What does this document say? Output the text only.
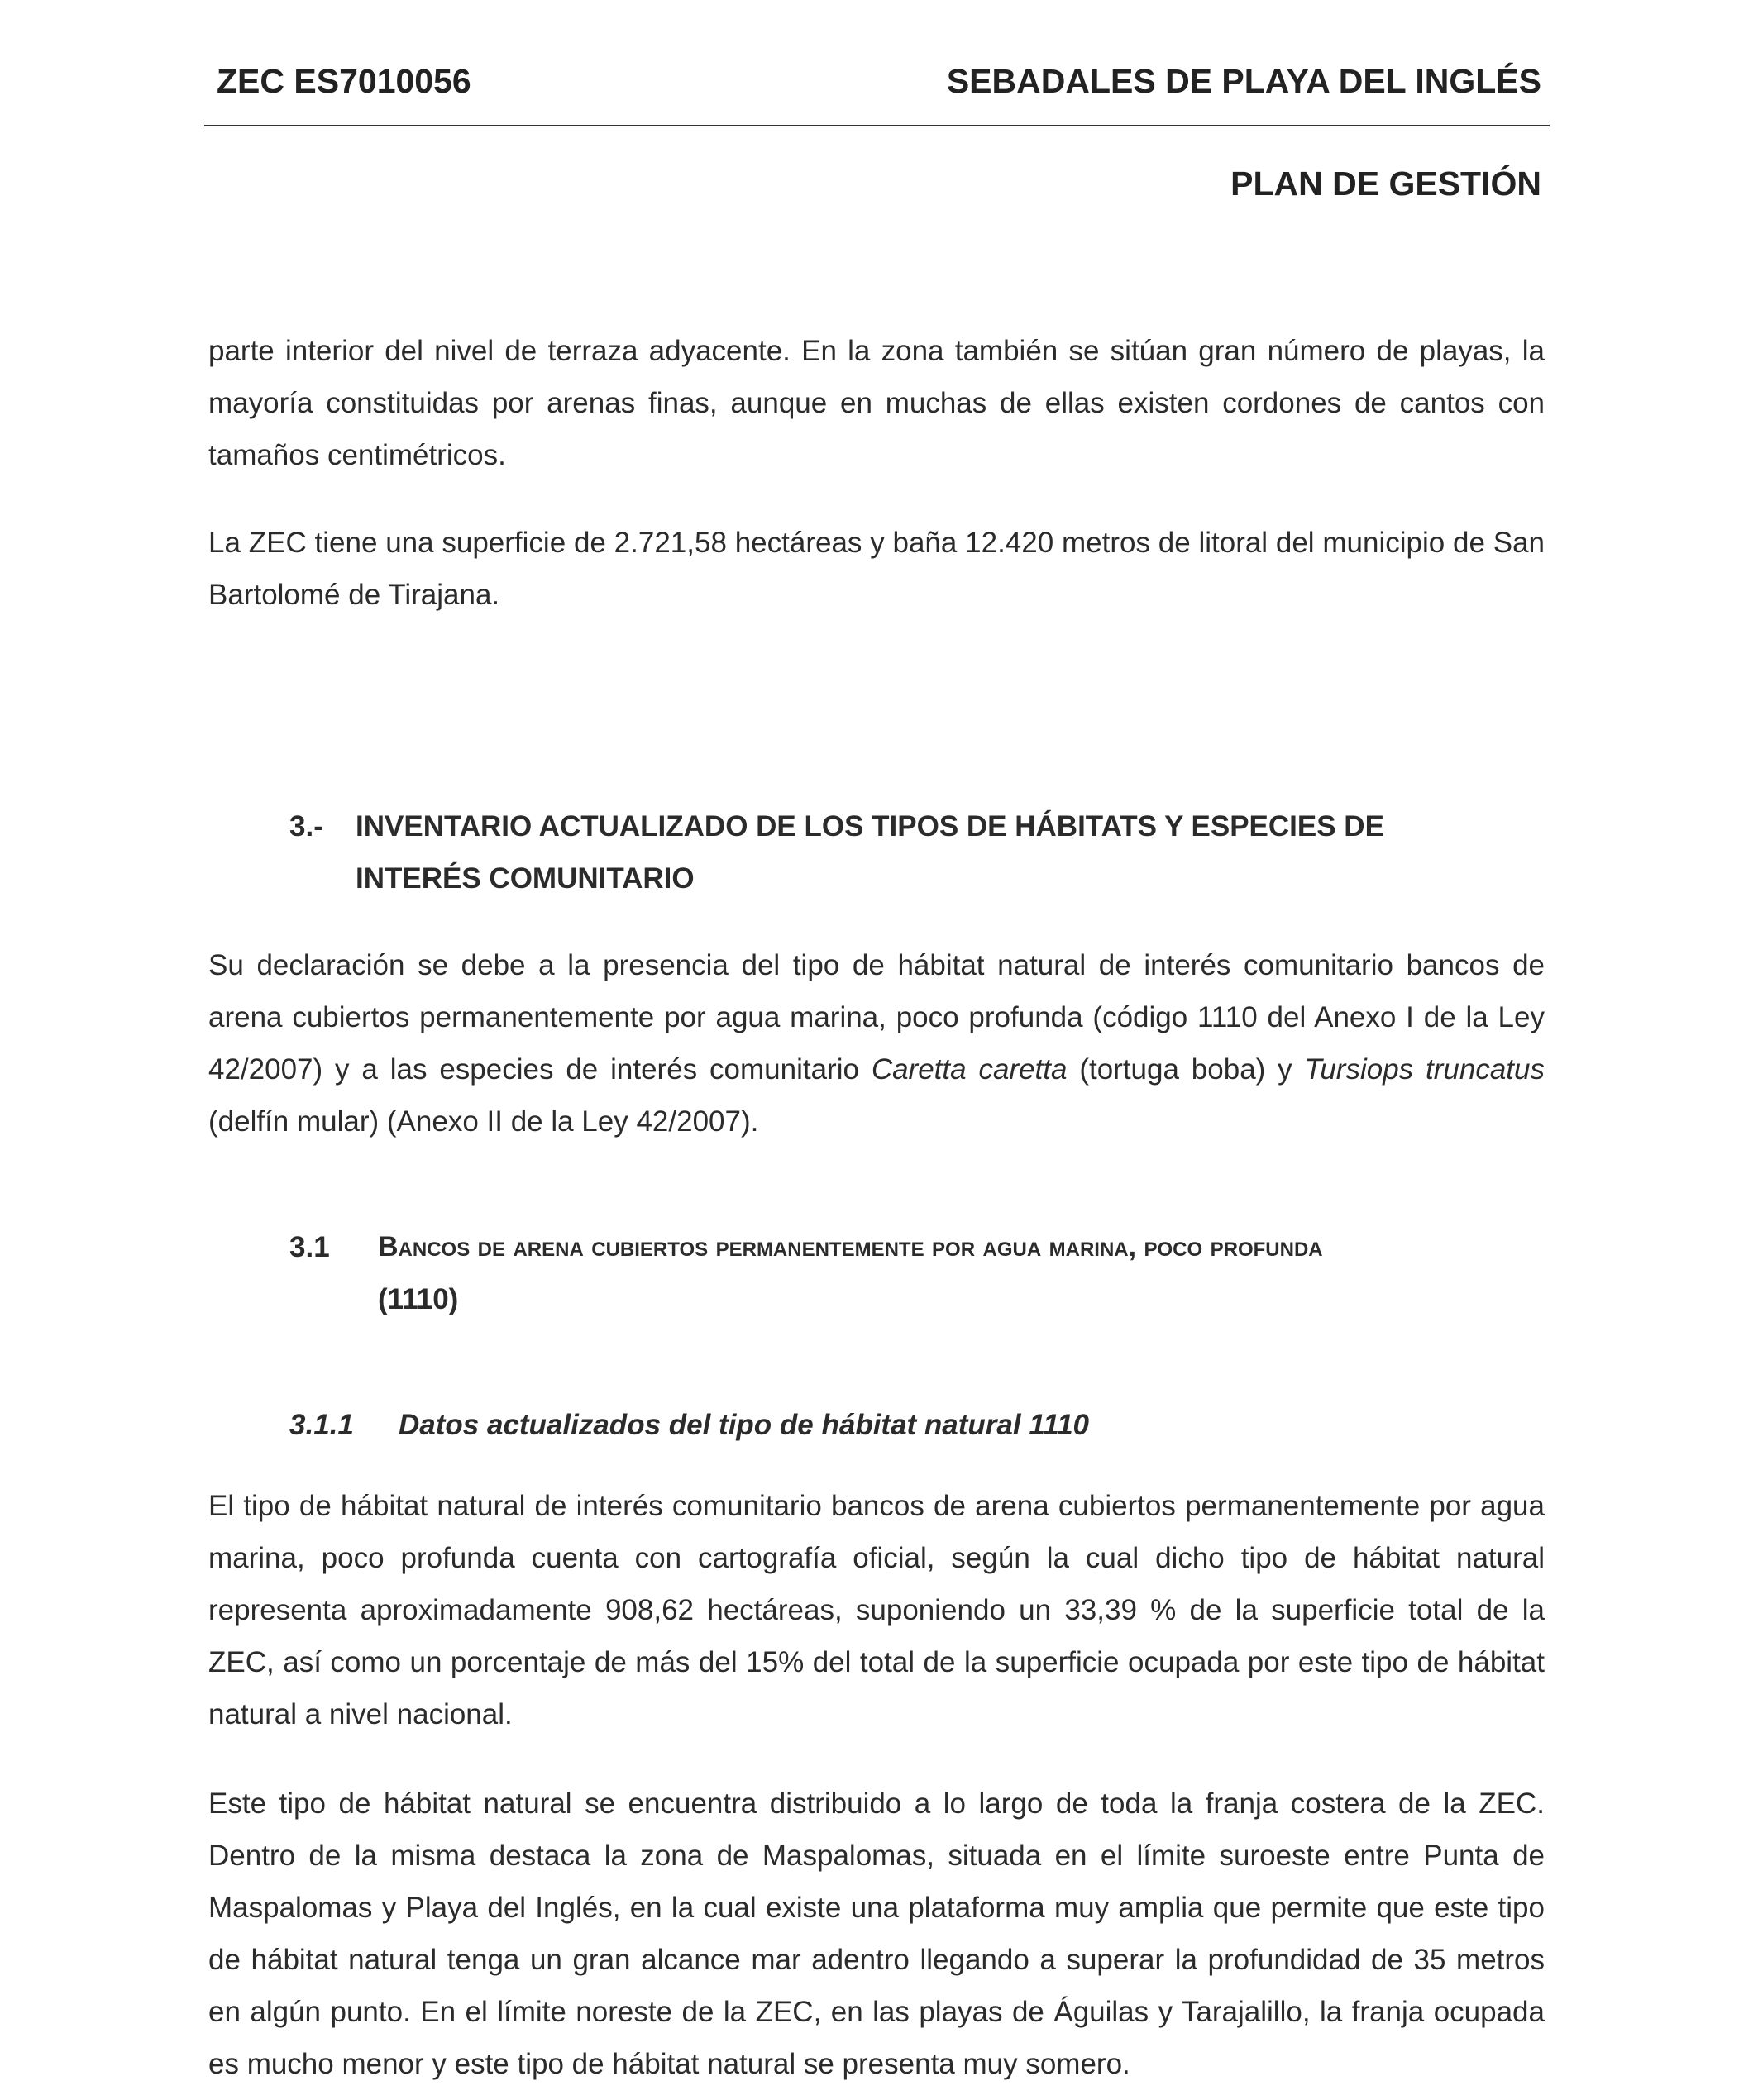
ZEC ES7010056	SEBADALES DE PLAYA DEL INGLÉS
PLAN DE GESTIÓN

parte interior del nivel de terraza adyacente. En la zona también se sitúan gran número de playas, la mayoría constituidas por arenas finas, aunque en muchas de ellas existen cordones de cantos con tamaños centimétricos.

La ZEC tiene una superficie de 2.721,58 hectáreas y baña 12.420 metros de litoral del municipio de San Bartolomé de Tirajana.

3.- INVENTARIO ACTUALIZADO DE LOS TIPOS DE HÁBITATS Y ESPECIES DE
INTERÉS COMUNITARIO

Su declaración se debe a la presencia del tipo de hábitat natural de interés comunitario bancos de arena cubiertos permanentemente por agua marina, poco profunda (código 1110 del Anexo I de la Ley 42/2007) y a las especies de interés comunitario Caretta caretta (tortuga boba) y Tursiops truncatus (delfín mular) (Anexo II de la Ley 42/2007).

3.1 Bancos de arena cubiertos permanentemente por agua marina, poco profunda
(1110)
3.1.1 Datos actualizados del tipo de hábitat natural 1110

El tipo de hábitat natural de interés comunitario bancos de arena cubiertos permanentemente por agua marina, poco profunda cuenta con cartografía oficial, según la cual dicho tipo de hábitat natural representa aproximadamente 908,62 hectáreas, suponiendo un 33,39 % de la superficie total de la ZEC, así como un porcentaje de más del 15% del total de la superficie ocupada por este tipo de hábitat natural a nivel nacional.

Este tipo de hábitat natural se encuentra distribuido a lo largo de toda la franja costera de la ZEC. Dentro de la misma destaca la zona de Maspalomas, situada en el límite suroeste entre Punta de Maspalomas y Playa del Inglés, en la cual existe una plataforma muy amplia que permite que este tipo de hábitat natural tenga un gran alcance mar adentro llegando a superar la profundidad de 35 metros en algún punto. En el límite noreste de la ZEC, en las playas de Águilas y Tarajalillo, la franja ocupada es mucho menor y este tipo de hábitat natural se presenta muy somero.
